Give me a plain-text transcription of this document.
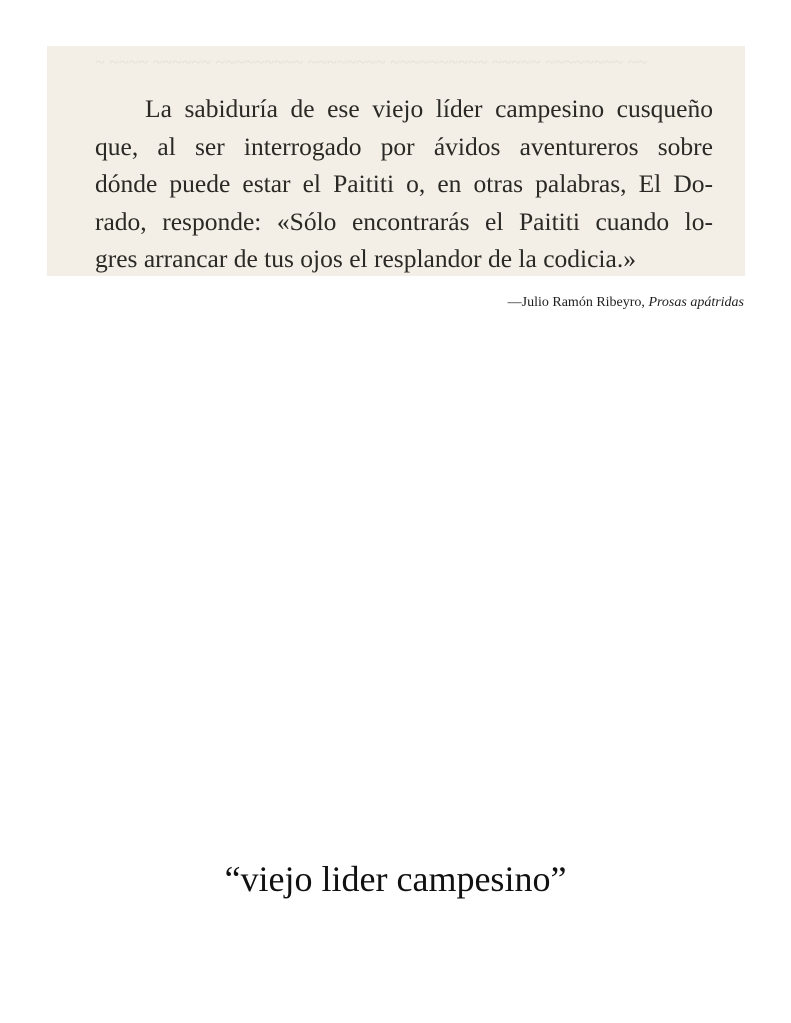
~ ~~~~ ~~~~~~ ~~~~~~~~~ ~~~~~~~~ ~~~~~~~~~~ ~~~~~ ~~~~~~~~ ~~
La sabiduría de ese viejo líder campesino cusqueño
que, al ser interrogado por ávidos aventureros sobre
dónde puede estar el Paititi o, en otras palabras, El Do-
rado, responde: «Sólo encontrarás el Paititi cuando lo-
gres arrancar de tus ojos el resplandor de la codicia.»
—Julio Ramón Ribeyro, Prosas apátridas
“viejo lider campesino”
